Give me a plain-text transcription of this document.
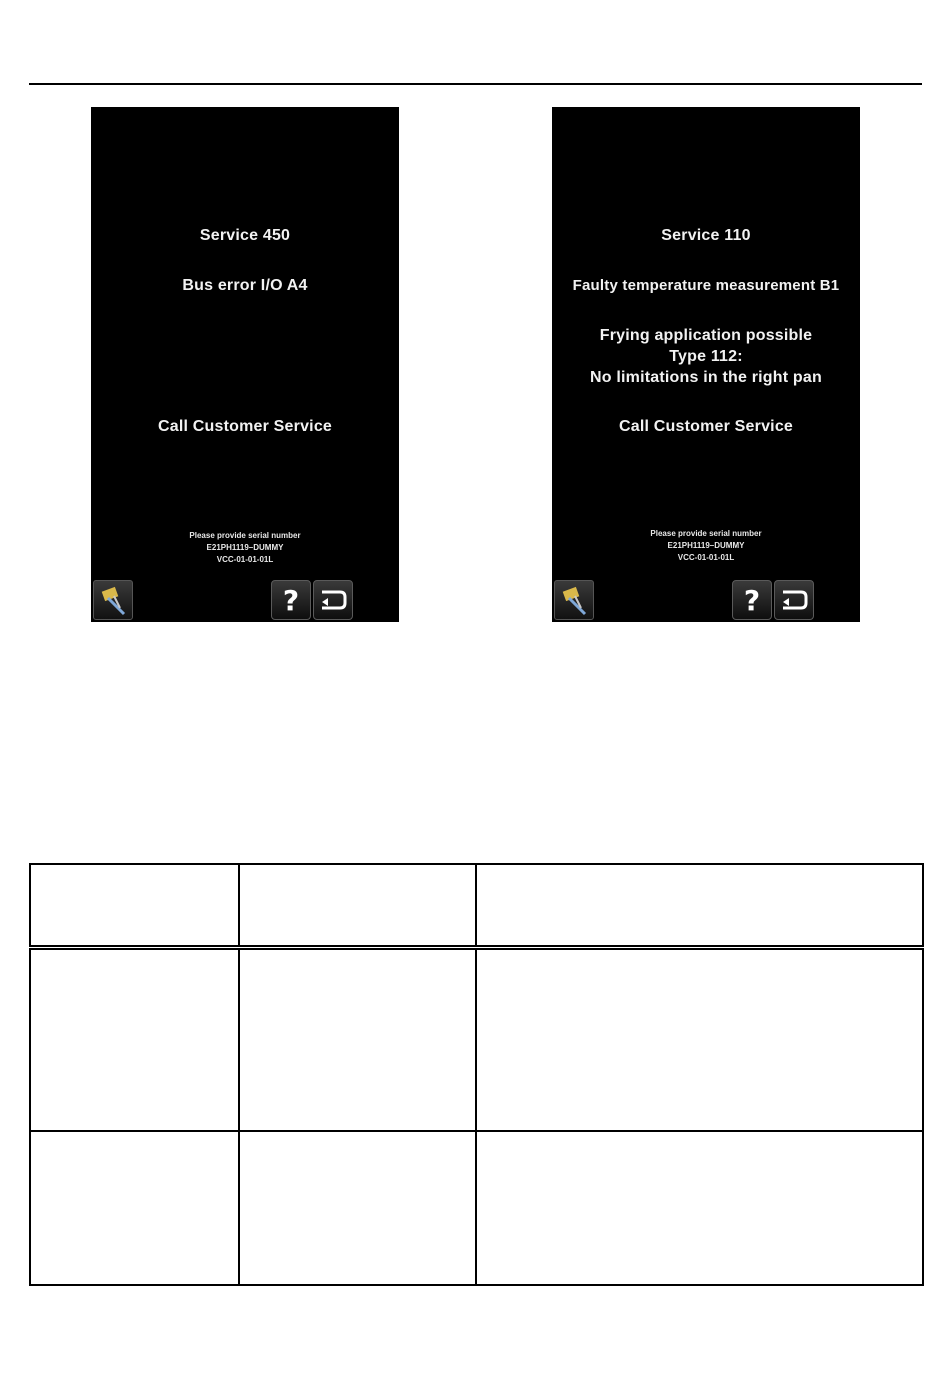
Service 450
Bus error I/O A4
Call Customer Service
Please provide serial number
E21PH1119–DUMMY
VCC-01-01-01L
?
Service 110
Faulty temperature measurement B1
Frying application possible
Type 112:
No limitations in the right pan
Call Customer Service
Please provide serial number
E21PH1119–DUMMY
VCC-01-01-01L
?
